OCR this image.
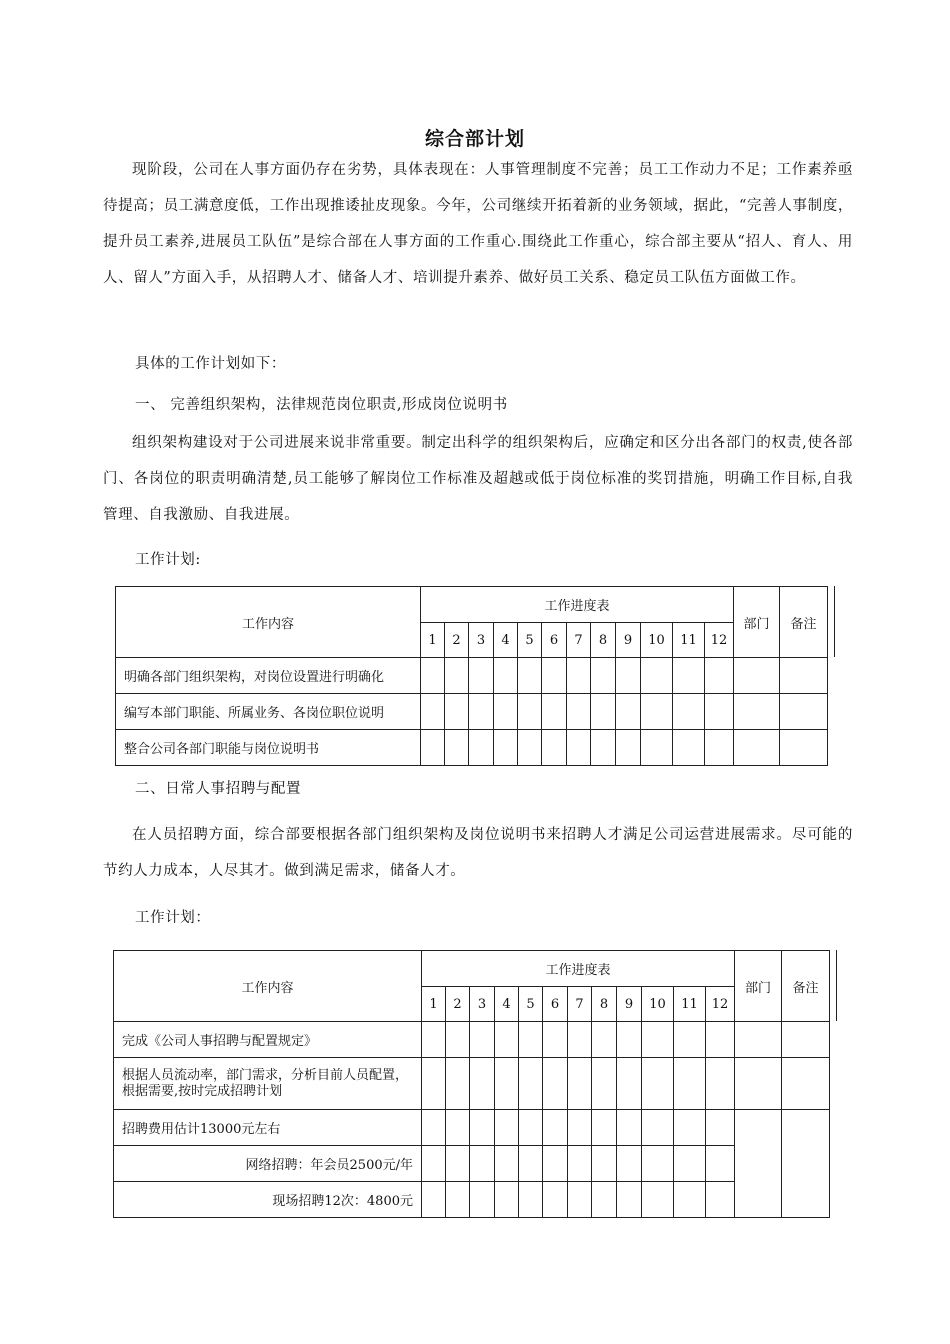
综合部计划

现阶段，公司在人事方面仍存在劣势，具体表现在：人事管理制度不完善；员工工作动力不足；工作素养亟待提高；员工满意度低，工作出现推诿扯皮现象。今年，公司继续开拓着新的业务领域，据此，“完善人事制度，提升员工素养,进展员工队伍”是综合部在人事方面的工作重心.围绕此工作重心，综合部主要从“招人、育人、用人、留人”方面入手，从招聘人才、储备人才、培训提升素养、做好员工关系、稳定员工队伍方面做工作。

具体的工作计划如下：
一、 完善组织架构，法律规范岗位职责,形成岗位说明书

组织架构建设对于公司进展来说非常重要。制定出科学的组织架构后，应确定和区分出各部门的权责,使各部门、各岗位的职责明确清楚,员工能够了解岗位工作标准及超越或低于岗位标准的奖罚措施，明确工作目标,自我管理、自我激励、自我进展。

工作计划:
工作内容	工作进度表												部门	备注
	1	2	3	4	5	6	7	8	9	10	11	12		
明确各部门组织架构，对岗位设置进行明确化														
编写本部门职能、所属业务、各岗位职位说明														
整合公司各部门职能与岗位说明书														
二、日常人事招聘与配置

在人员招聘方面，综合部要根据各部门组织架构及岗位说明书来招聘人才满足公司运营进展需求。尽可能的节约人力成本，人尽其才。做到满足需求，储备人才。

工作计划：
工作内容	工作进度表												部门	备注
	1	2	3	4	5	6	7	8	9	10	11	12		
完成《公司人事招聘与配置规定》														
根据人员流动率，部门需求，分析目前人员配置，根据需要,按时完成招聘计划														
招聘费用估计13000元左右														
网络招聘：年会员2500元/年														
现场招聘12次：4800元														
